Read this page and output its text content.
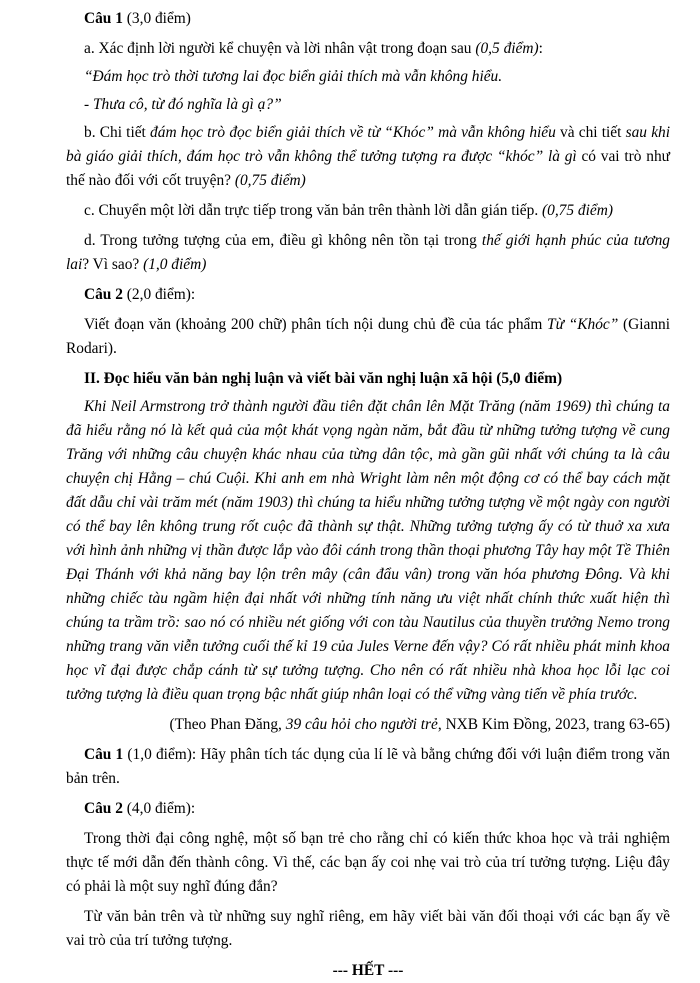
Câu 1 (3,0 điểm)

a. Xác định lời người kể chuyện và lời nhân vật trong đoạn sau (0,5 điểm):

“Đám học trò thời tương lai đọc biển giải thích mà vẫn không hiểu.

- Thưa cô, từ đó nghĩa là gì ạ?”

b. Chi tiết đám học trò đọc biển giải thích về từ “Khóc” mà vẫn không hiểu và chi tiết sau khi bà giáo giải thích, đám học trò vẫn không thể tưởng tượng ra được “khóc” là gì có vai trò như thế nào đối với cốt truyện? (0,75 điểm)

c. Chuyển một lời dẫn trực tiếp trong văn bản trên thành lời dẫn gián tiếp. (0,75 điểm)

d. Trong tưởng tượng của em, điều gì không nên tồn tại trong thế giới hạnh phúc của tương lai? Vì sao? (1,0 điểm)

Câu 2 (2,0 điểm):

Viết đoạn văn (khoảng 200 chữ) phân tích nội dung chủ đề của tác phẩm Từ “Khóc” (Gianni Rodari).

II. Đọc hiểu văn bản nghị luận và viết bài văn nghị luận xã hội (5,0 điểm)

Khi Neil Armstrong trở thành người đầu tiên đặt chân lên Mặt Trăng (năm 1969) thì chúng ta đã hiểu rằng nó là kết quả của một khát vọng ngàn năm, bắt đầu từ những tưởng tượng về cung Trăng với những câu chuyện khác nhau của từng dân tộc, mà gần gũi nhất với chúng ta là câu chuyện chị Hằng – chú Cuội. Khi anh em nhà Wright làm nên một động cơ có thể bay cách mặt đất dẫu chỉ vài trăm mét (năm 1903) thì chúng ta hiểu những tưởng tượng về một ngày con người có thể bay lên không trung rốt cuộc đã thành sự thật. Những tưởng tượng ấy có từ thuở xa xưa với hình ảnh những vị thần được lắp vào đôi cánh trong thần thoại phương Tây hay một Tề Thiên Đại Thánh với khả năng bay lộn trên mây (cân đẩu vân) trong văn hóa phương Đông. Và khi những chiếc tàu ngầm hiện đại nhất với những tính năng ưu việt nhất chính thức xuất hiện thì chúng ta trầm trồ: sao nó có nhiều nét giống với con tàu Nautilus của thuyền trưởng Nemo trong những trang văn viễn tưởng cuối thế kỉ 19 của Jules Verne đến vậy? Có rất nhiều phát minh khoa học vĩ đại được chắp cánh từ sự tưởng tượng. Cho nên có rất nhiều nhà khoa học lỗi lạc coi tưởng tượng là điều quan trọng bậc nhất giúp nhân loại có thể vững vàng tiến về phía trước.

(Theo Phan Đăng, 39 câu hỏi cho người trẻ, NXB Kim Đồng, 2023, trang 63-65)

Câu 1 (1,0 điểm): Hãy phân tích tác dụng của lí lẽ và bằng chứng đối với luận điểm trong văn bản trên.

Câu 2 (4,0 điểm):

Trong thời đại công nghệ, một số bạn trẻ cho rằng chỉ có kiến thức khoa học và trải nghiệm thực tế mới dẫn đến thành công. Vì thế, các bạn ấy coi nhẹ vai trò của trí tưởng tượng. Liệu đây có phải là một suy nghĩ đúng đắn?

Từ văn bản trên và từ những suy nghĩ riêng, em hãy viết bài văn đối thoại với các bạn ấy về vai trò của trí tưởng tượng.

--- HẾT ---
